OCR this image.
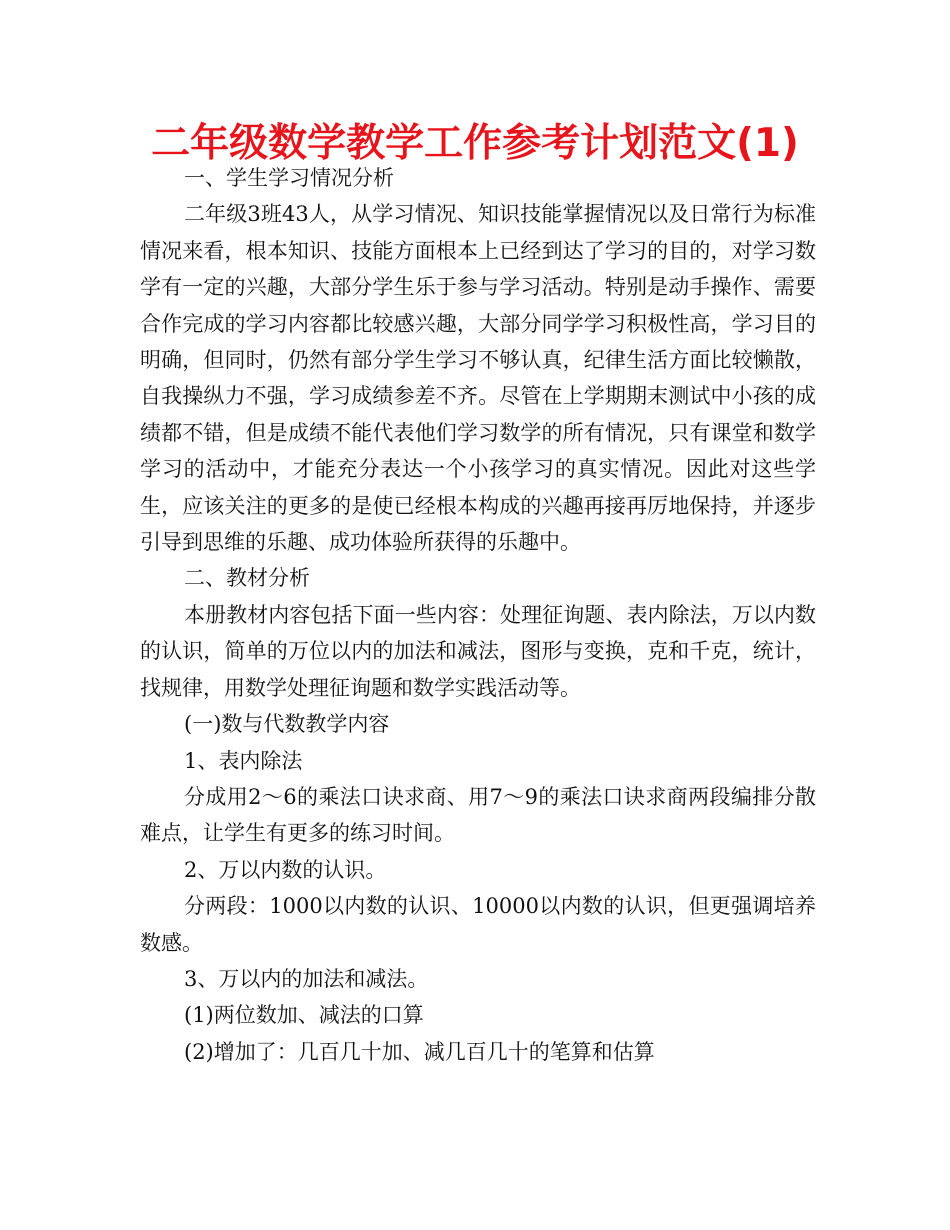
二年级数学教学工作参考计划范文(1)

一、学生学习情况分析

二年级3班43人，从学习情况、知识技能掌握情况以及日常行为标准情况来看，根本知识、技能方面根本上已经到达了学习的目的，对学习数学有一定的兴趣，大部分学生乐于参与学习活动。特别是动手操作、需要合作完成的学习内容都比较感兴趣，大部分同学学习积极性高，学习目的明确，但同时，仍然有部分学生学习不够认真，纪律生活方面比较懒散，自我操纵力不强，学习成绩参差不齐。尽管在上学期期末测试中小孩的成绩都不错，但是成绩不能代表他们学习数学的所有情况，只有课堂和数学学习的活动中，才能充分表达一个小孩学习的真实情况。因此对这些学生，应该关注的更多的是使已经根本构成的兴趣再接再厉地保持，并逐步引导到思维的乐趣、成功体验所获得的乐趣中。

二、教材分析

本册教材内容包括下面一些内容：处理征询题、表内除法，万以内数的认识，简单的万位以内的加法和减法，图形与变换，克和千克，统计，找规律，用数学处理征询题和数学实践活动等。

(一)数与代数教学内容

1、表内除法

分成用2～6的乘法口诀求商、用7～9的乘法口诀求商两段编排分散难点，让学生有更多的练习时间。

2、万以内数的认识。

分两段：1000以内数的认识、10000以内数的认识，但更强调培养数感。

3、万以内的加法和减法。

(1)两位数加、减法的口算

(2)增加了：几百几十加、减几百几十的笔算和估算
